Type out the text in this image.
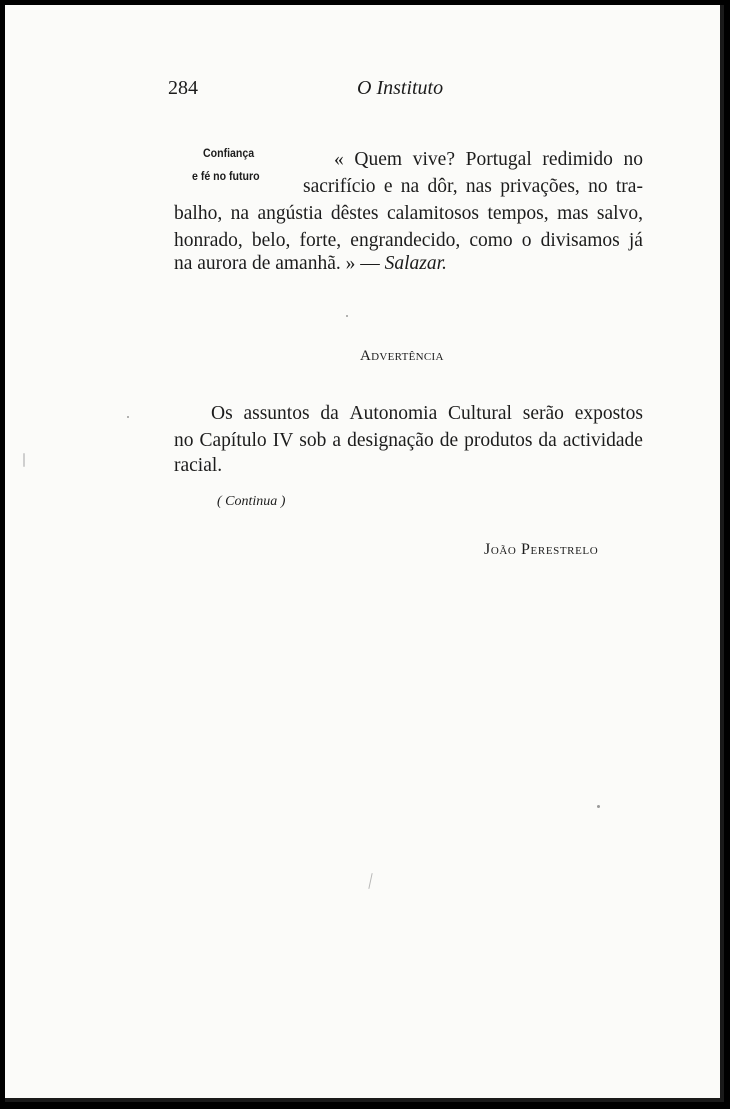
284	O Instituto
Confiança
e fé no futuro
« Quem vive? Portugal redimido no
sacrifício e na dôr, nas privações, no tra-
balho, na angústia dêstes calamitosos tempos, mas salvo,
honrado, belo, forte, engrandecido, como o divisamos já
na aurora de amanhã. » — Salazar.
Advertência
Os assuntos da Autonomia Cultural serão expostos
no Capítulo IV sob a designação de produtos da actividade
racial.
( Continua )
João Perestrelo
